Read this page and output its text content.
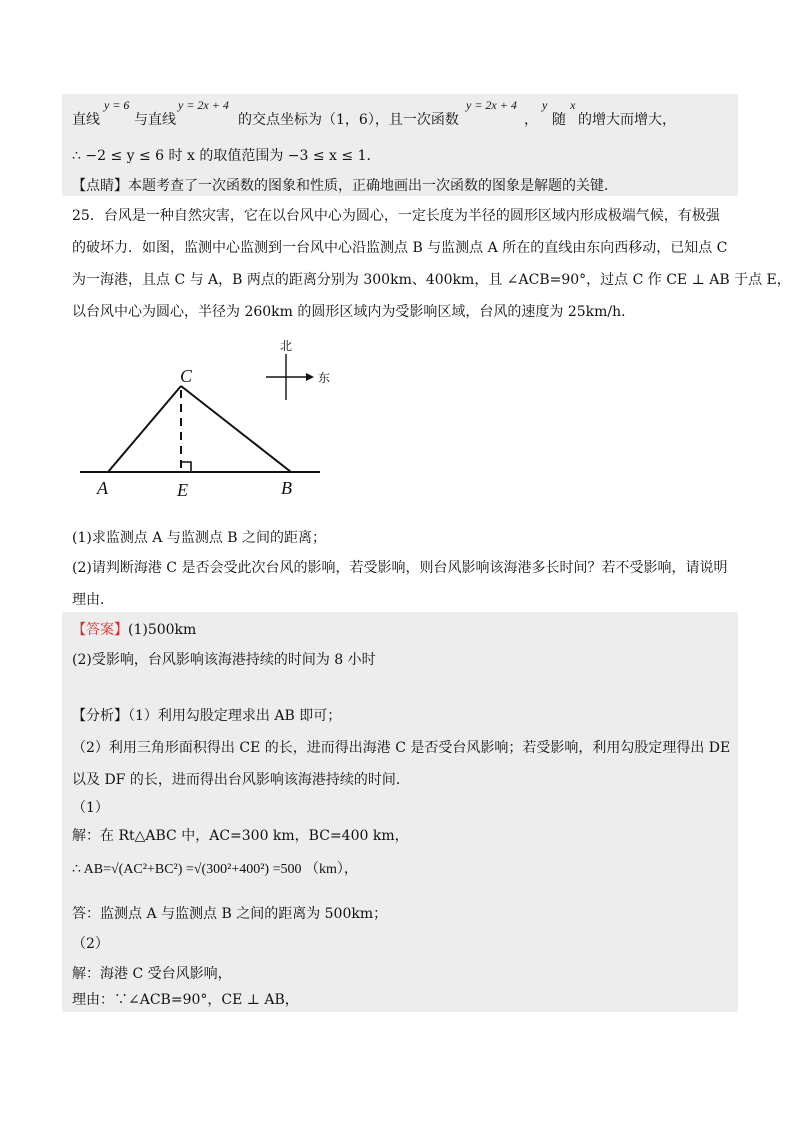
直线
y = 6
与直线
y = 2x + 4
的交点坐标为（1，6），且一次函数
y = 2x + 4
，
y
随
x
的增大而增大，
∴ −2 ≤ y ≤ 6 时 x 的取值范围为 −3 ≤ x ≤ 1．
【点睛】本题考查了一次函数的图象和性质，正确地画出一次函数的图象是解题的关键．
25．台风是一种自然灾害，它在以台风中心为圆心，一定长度为半径的圆形区域内形成极端气候，有极强
的破坏力．如图，监测中心监测到一台风中心沿监测点 B 与监测点 A 所在的直线由东向西移动，已知点 C
为一海港，且点 C 与 A，B 两点的距离分别为 300km、400km，且 ∠ACB=90°，过点 C 作 CE ⊥ AB 于点 E，
以台风中心为圆心，半径为 260km 的圆形区域内为受影响区域，台风的速度为 25km/h．
C
A	E	B
北
东
(1)求监测点 A 与监测点 B 之间的距离；
(2)请判断海港 C 是否会受此次台风的影响，若受影响，则台风影响该海港多长时间？若不受影响，请说明
理由．
【答案】(1)500km
(2)受影响，台风影响该海港持续的时间为 8 小时
【分析】（1）利用勾股定理求出 AB 即可；
（2）利用三角形面积得出 CE 的长，进而得出海港 C 是否受台风影响；若受影响，利用勾股定理得出 DE
以及 DF 的长，进而得出台风影响该海港持续的时间．
（1）
解：在 Rt△ABC 中，AC=300 km，BC=400 km，
∴ AB=√(AC²+BC²) =√(300²+400²) =500 （km），
答：监测点 A 与监测点 B 之间的距离为 500km；
（2）
解：海港 C 受台风影响，
理由：∵∠ACB=90°，CE ⊥ AB，
